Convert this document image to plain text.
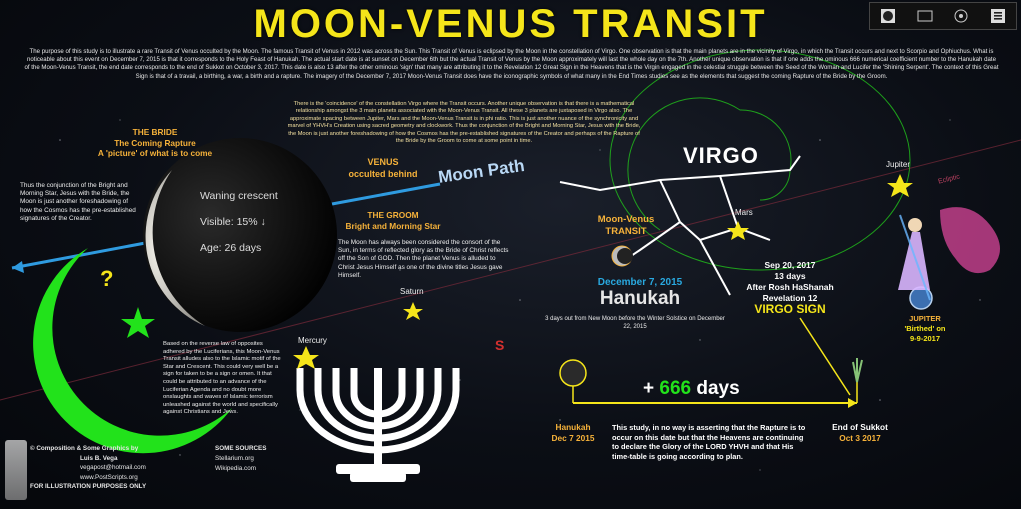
MOON-VENUS TRANSIT
The purpose of this study is to illustrate a rare Transit of Venus occulted by the Moon. The famous Transit of Venus in 2012 was across the Sun. This Transit of Venus is eclipsed by the Moon in the constellation of Virgo. One observation is that the main planets are in the vicinity of Virgo, in which the Transit occurs and next to Scorpio and Ophiuchus. What is noticeable about this event on December 7, 2015 is that it corresponds to the Holy Feast of Hanukah. The actual start date is at sunset on December 6th but the actual Transit of Venus by the Moon approximately will last the whole day on the 7th. Another unique observation is that if one adds the ominous 666 numerical coefficient number to the Hanukah date of the Moon-Venus Transit, the end date corresponds to the end of Sukkot on October 3, 2017. This date is also 13 after the other ominous 'sign' that many are attributing it to the Revelation 12 Great Sign in the Heavens that is the Virgin engaged in the celestial struggle between the Seed of the Woman and Lucifer the 'Shining Serpent'. The context of this Great Sign is that of a travail, a birthing, a war, a birth and a rapture. The imagery of the December 7, 2017 Moon-Venus Transit does have the iconographic symbols of what many in the End Times studies see as the elements that suggest the coming Rapture of the Bride by the Groom.
There is the 'coincidence' of the constellation Virgo where the Transit occurs. Another unique observation is that there is a mathematical relationship amongst the 3 main planets associated with the Moon-Venus Transit. All these 3 planets are juxtaposed in Virgo also. The approximate spacing between Jupiter, Mars and the Moon-Venus Transit is in phi ratio. This is just another nuance of the synchronicity and marvel of YHVH's Creation using sacred geometry and clockwork. Thus the conjunction of the Bright and Morning Star, Jesus with the Bride, the Moon is just another foreshadowing of how the Cosmos has the pre-established signatures of the Creator and perhaps of the Rapture of the Bride by the Groom to come at some point in time.
THE BRIDE
The Coming Rapture
A 'picture' of what is to come
Thus the conjunction of the Bright and Morning Star, Jesus with the Bride, the Moon is just another foreshadowing of how the Cosmos has the pre-established signatures of the Creator.
Waning crescent
Visible: 15% ↓
Age: 26 days
VENUS
occulted behind	Moon Path
THE GROOM
Bright and Morning Star
The Moon has always been considered the consort of the Sun, in terms of reflected glory as the Bride of Christ reflects off the Son of GOD. Then the planet Venus is alluded to Christ Jesus Himself as one of the divine titles Jesus gave Himself.
?
Saturn
Mercury	S
Based on the reverse law of opposites adhered by the Luciferians, this Moon-Venus Transit alludes also to the Islamic motif of the Star and Crescent. This could very well be a sign for taken to be a sign or omen. It that could be attributed to an advance of the Luciferian Agenda and no doubt more onslaughts and waves of Islamic terrorism unleashed against the world and specifically against Christians and Jews.
VIRGO	Jupiter
Mars
Ecliptic
Moon-Venus
TRANSIT
December 7, 2015
Hanukah
3 days out from New Moon before the Winter Solstice on December 22, 2015
Sep 20, 2017
13 days
After Rosh HaShanah
Revelation 12
VIRGO SIGN
JUPITER
'Birthed' on
9-9-2017
+ 666 days
Hanukah
Dec 7 2015
End of Sukkot
Oct 3 2017
This study, in no way is asserting that the Rapture is to occur on this date but that the Heavens are continuing to declare the Glory of the LORD YHVH and that His time-table is going according to plan.
© Composition & Some Graphics by
Luis B. Vega
vegapost@hotmail.com
www.PostScripts.org
FOR ILLUSTRATION PURPOSES ONLY
SOME SOURCES
Stellarium.org
Wikipedia.com
